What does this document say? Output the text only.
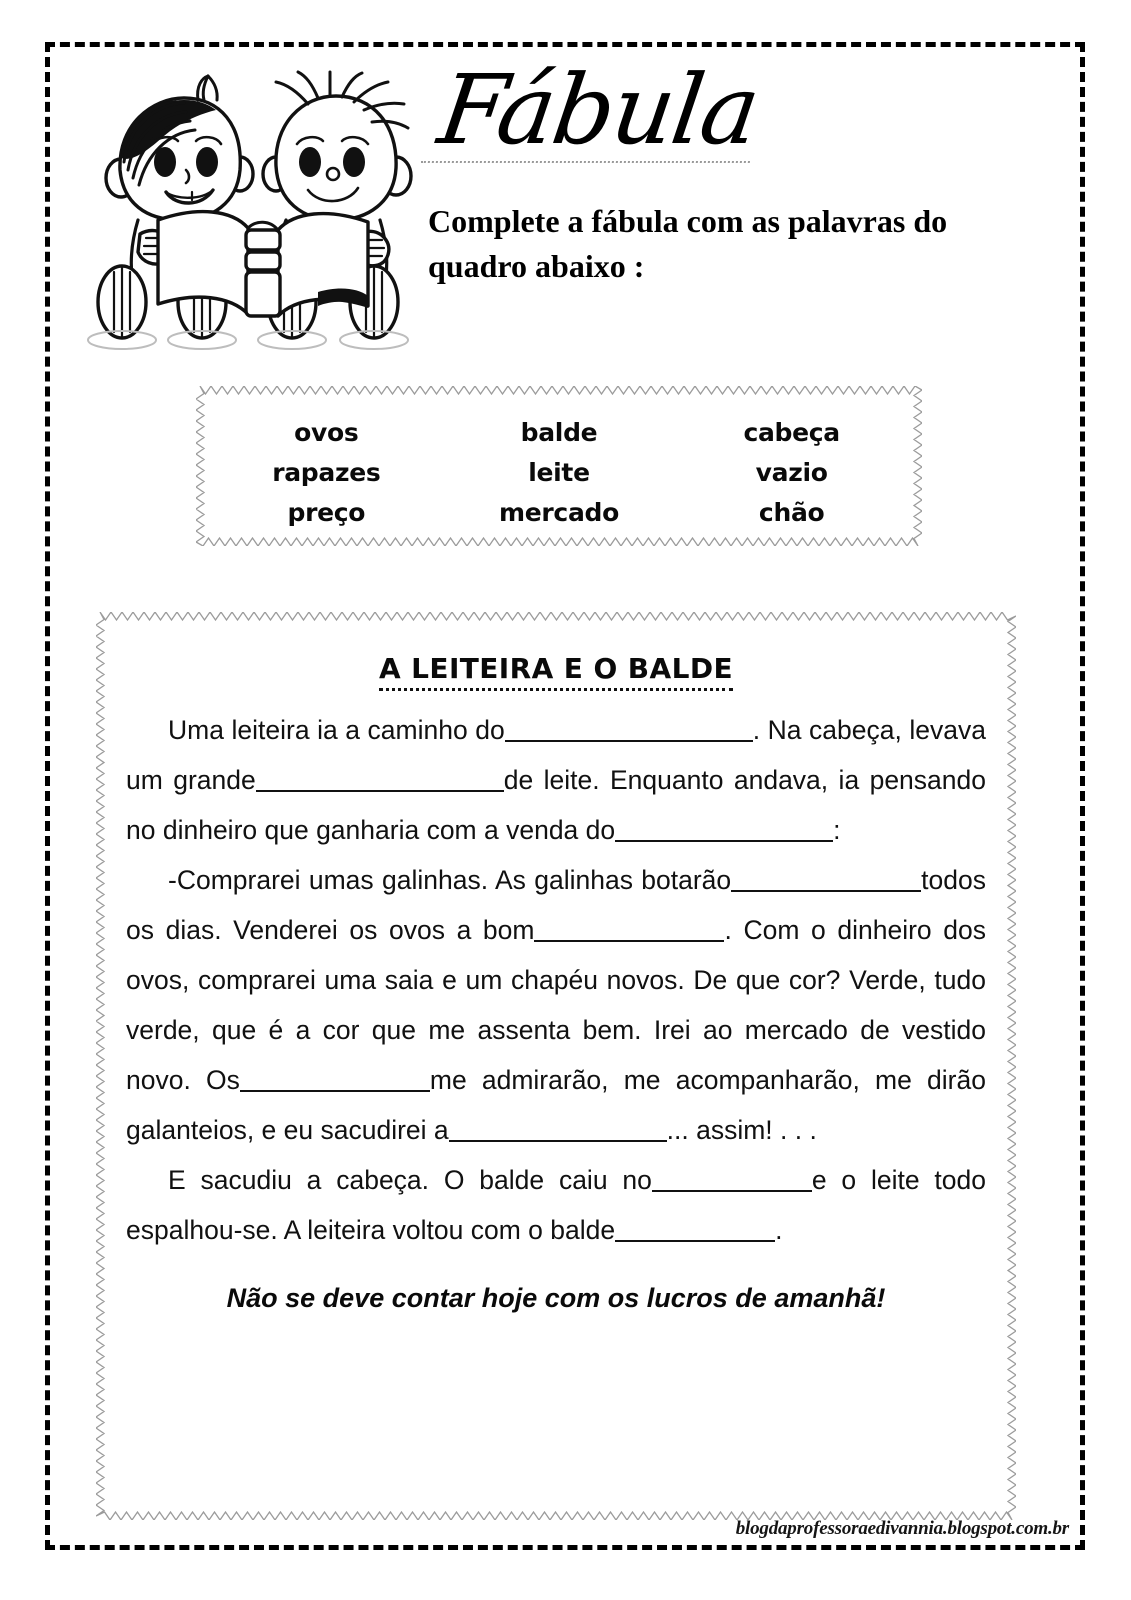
Fábula
Complete a fábula com as palavras do quadro abaixo :
ovos	balde	cabeça
rapazes	leite	vazio
preço	mercado	chão
A LEITEIRA E O BALDE
Uma leiteira ia a caminho do	. Na cabeça, levava um grande	de leite. Enquanto andava, ia pensando no dinheiro que ganharia com a venda do	:
-Comprarei umas galinhas. As galinhas botarão	todos os dias. Venderei os ovos a bom	. Com o dinheiro dos ovos, comprarei uma saia e um chapéu novos. De que cor? Verde, tudo verde, que é a cor que me assenta bem. Irei ao mercado de vestido novo. Os	me admirarão, me acompanharão, me dirão galanteios, e eu sacudirei a	... assim! . . .
E sacudiu a cabeça. O balde caiu no	e o leite todo espalhou-se. A leiteira voltou com o balde	.
Não se deve contar hoje com os lucros de amanhã!
blogdaprofessoraedivannia.blogspot.com.br
